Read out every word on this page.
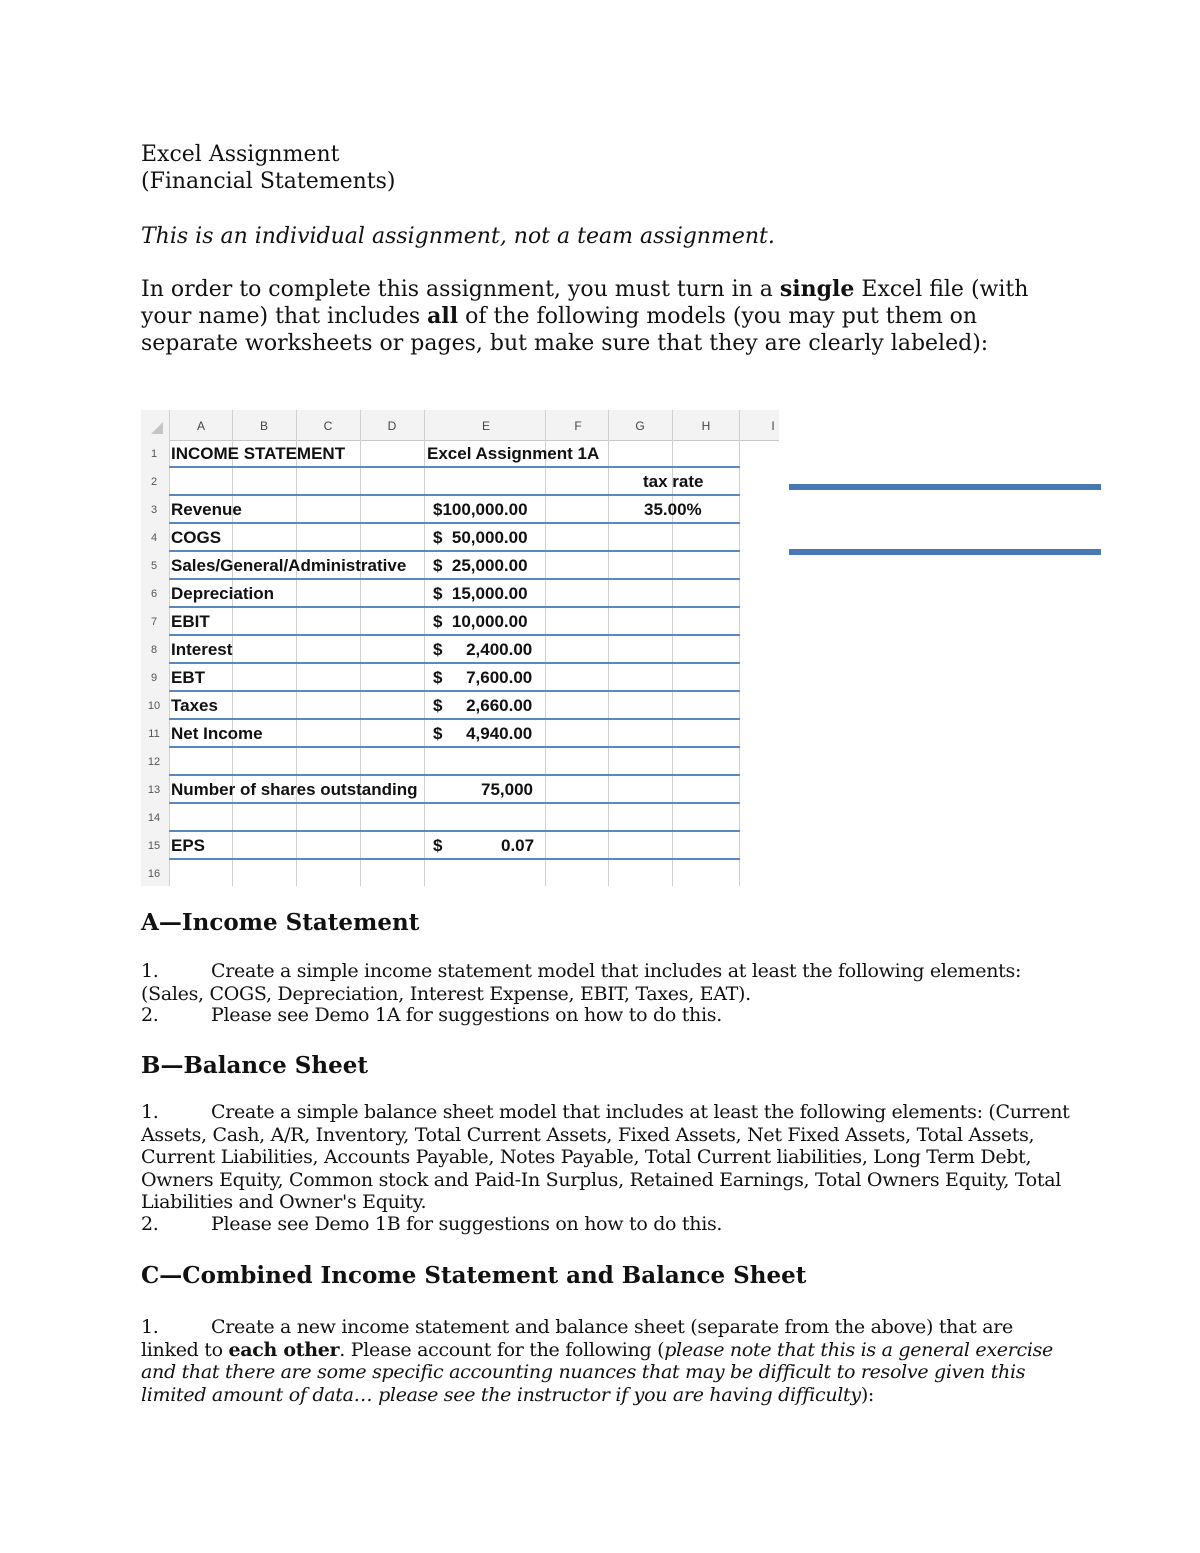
Excel Assignment
(Financial Statements)
This is an individual assignment, not a team assignment.
In order to complete this assignment, you must turn in a single Excel file (with your name) that includes all of the following models (you may put them on separate worksheets or pages, but make sure that they are clearly labeled):
A	B	C	D	E	F	G	H	I
1 INCOME STATEMENT	Excel Assignment 1A
2	tax rate
3 Revenue	$100,000.00	35.00%
4 COGS	$  50,000.00
5 Sales/General/Administrative $  25,000.00
6 Depreciation	$  15,000.00
7 EBIT	$  10,000.00
8 Interest	$     2,400.00
9 EBT	$     7,600.00
10 Taxes	$     2,660.00
11 Net Income	$     4,940.00
12
13 Number of shares outstanding	75,000
14
15 EPS	$	0.07
16
A—Income Statement
1.	Create a simple income statement model that includes at least the following elements: (Sales, COGS, Depreciation, Interest Expense, EBIT, Taxes, EAT).
2.	Please see Demo 1A for suggestions on how to do this.
B—Balance Sheet
1.	Create a simple balance sheet model that includes at least the following elements: (Current Assets, Cash, A/R, Inventory, Total Current Assets, Fixed Assets, Net Fixed Assets, Total Assets, Current Liabilities, Accounts Payable, Notes Payable, Total Current liabilities, Long Term Debt, Owners Equity, Common stock and Paid-In Surplus, Retained Earnings, Total Owners Equity, Total Liabilities and Owner's Equity.
2.	Please see Demo 1B for suggestions on how to do this.
C—Combined Income Statement and Balance Sheet
1.	Create a new income statement and balance sheet (separate from the above) that are linked to each other. Please account for the following (please note that this is a general exercise and that there are some specific accounting nuances that may be difficult to resolve given this limited amount of data… please see the instructor if you are having difficulty):
